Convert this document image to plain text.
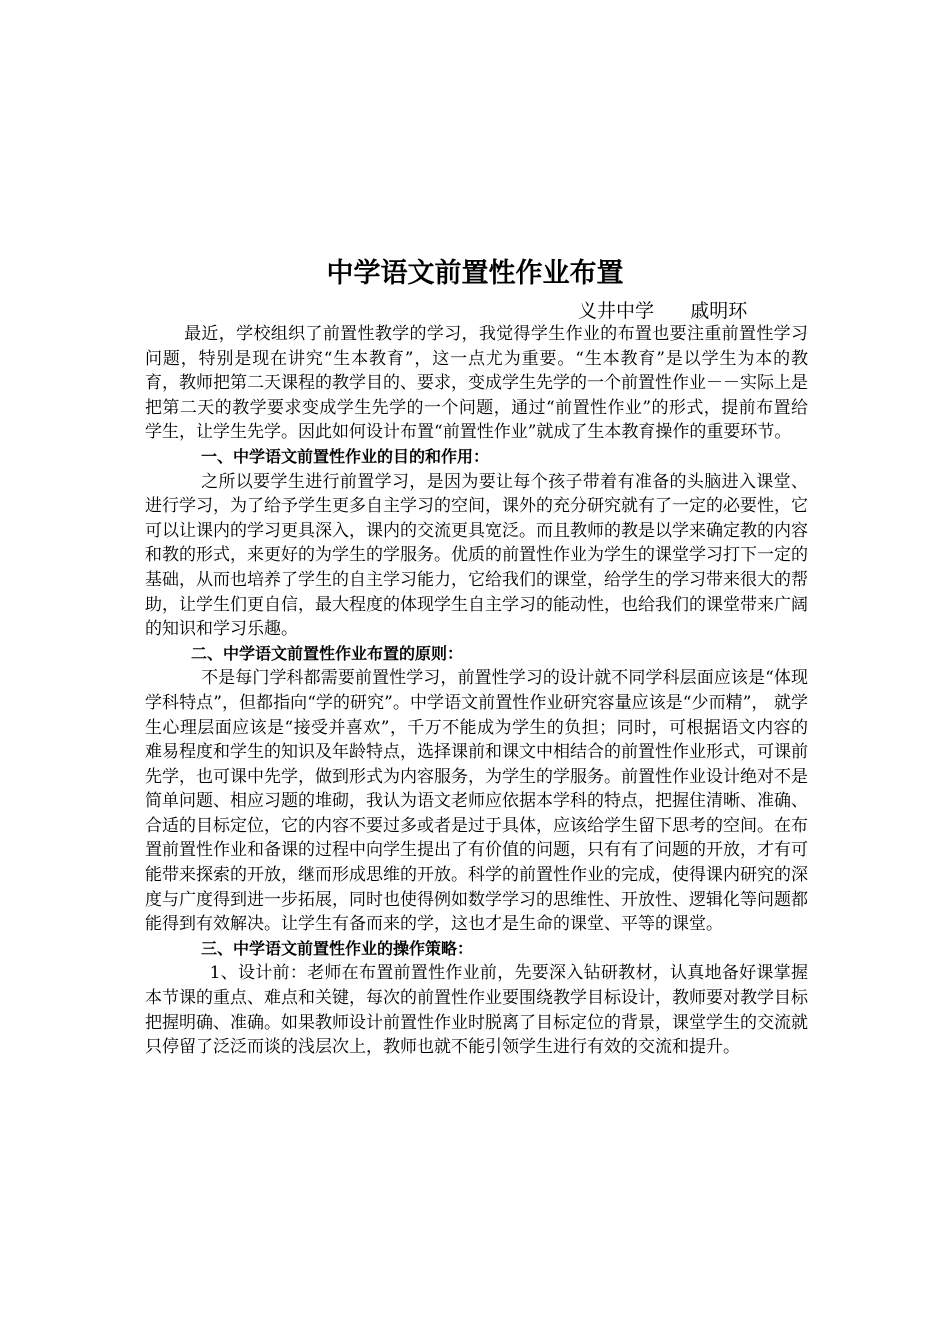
中学语文前置性作业布置
义井中学      戚明环

最近，学校组织了前置性教学的学习，我觉得学生作业的布置也要注重前置性学习问题，特别是现在讲究“生本教育”，这一点尤为重要。“生本教育”是以学生为本的教育，教师把第二天课程的教学目的、要求，变成学生先学的一个前置性作业－－实际上是把第二天的教学要求变成学生先学的一个问题，通过“前置性作业”的形式，提前布置给学生，让学生先学。因此如何设计布置“前置性作业”就成了生本教育操作的重要环节。

一、中学语文前置性作业的目的和作用：

之所以要学生进行前置学习，是因为要让每个孩子带着有准备的头脑进入课堂、进行学习，为了给予学生更多自主学习的空间，课外的充分研究就有了一定的必要性，它可以让课内的学习更具深入，课内的交流更具宽泛。而且教师的教是以学来确定教的内容和教的形式，来更好的为学生的学服务。优质的前置性作业为学生的课堂学习打下一定的基础，从而也培养了学生的自主学习能力，它给我们的课堂，给学生的学习带来很大的帮助，让学生们更自信，最大程度的体现学生自主学习的能动性，也给我们的课堂带来广阔的知识和学习乐趣。

二、中学语文前置性作业布置的原则：

不是每门学科都需要前置性学习，前置性学习的设计就不同学科层面应该是“体现学科特点”，但都指向“学的研究”。中学语文前置性作业研究容量应该是“少而精”， 就学生心理层面应该是“接受并喜欢”，千万不能成为学生的负担；同时，可根据语文内容的难易程度和学生的知识及年龄特点，选择课前和课文中相结合的前置性作业形式，可课前先学，也可课中先学，做到形式为内容服务，为学生的学服务。前置性作业设计绝对不是简单问题、相应习题的堆砌，我认为语文老师应依据本学科的特点，把握住清晰、准确、合适的目标定位，它的内容不要过多或者是过于具体，应该给学生留下思考的空间。在布置前置性作业和备课的过程中向学生提出了有价值的问题，只有有了问题的开放，才有可能带来探索的开放，继而形成思维的开放。科学的前置性作业的完成，使得课内研究的深度与广度得到进一步拓展，同时也使得例如数学学习的思维性、开放性、逻辑化等问题都能得到有效解决。让学生有备而来的学，这也才是生命的课堂、平等的课堂。

三、中学语文前置性作业的操作策略：

1、设计前：老师在布置前置性作业前，先要深入钻研教材，认真地备好课掌握本节课的重点、难点和关键，每次的前置性作业要围绕教学目标设计，教师要对教学目标把握明确、准确。如果教师设计前置性作业时脱离了目标定位的背景，课堂学生的交流就只停留了泛泛而谈的浅层次上，教师也就不能引领学生进行有效的交流和提升。
